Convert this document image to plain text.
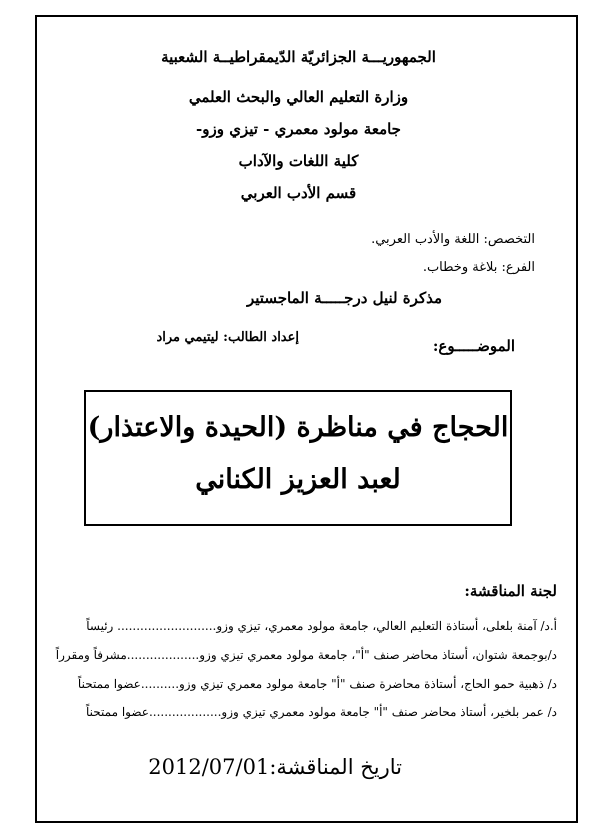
الجمهوريـــة الجزائريّة الدّيمقراطيــة الشعبية
وزارة التعليم العالي والبحث العلمي
جامعة مولود معمري - تيزي وزو-
كلية اللغات والآداب
قسم الأدب العربي
التخصص: اللغة والأدب العربي.
الفرع: بلاغة وخطاب.
مذكرة لنيل درجـــــة الماجستير
الموضـــــوع:
إعداد الطالب: ليتيمي مراد
الحجاج في مناظرة (الحيدة والاعتذار)
لعبد العزيز الكناني
لجنة المناقشة:
أ.د/ آمنة بلعلى، أستاذة التعليم العالي، جامعة مولود معمري، تيزي وزو.......................... رئيساً
د/بوجمعة شتوان، أستاذ محاضر صنف "أ"، جامعة مولود معمري تيزي وزو...................مشرفاً ومقرراً
د/ ذهبية حمو الحاج، أستاذة محاضرة صنف "أ" جامعة مولود معمري تيزي وزو..........عضوا ممتحناً
د/ عمر بلخير، أستاذ محاضر صنف "أ" جامعة مولود معمري تيزي وزو...................عضوا ممتحناً
تاريخ المناقشة:2012/07/01
